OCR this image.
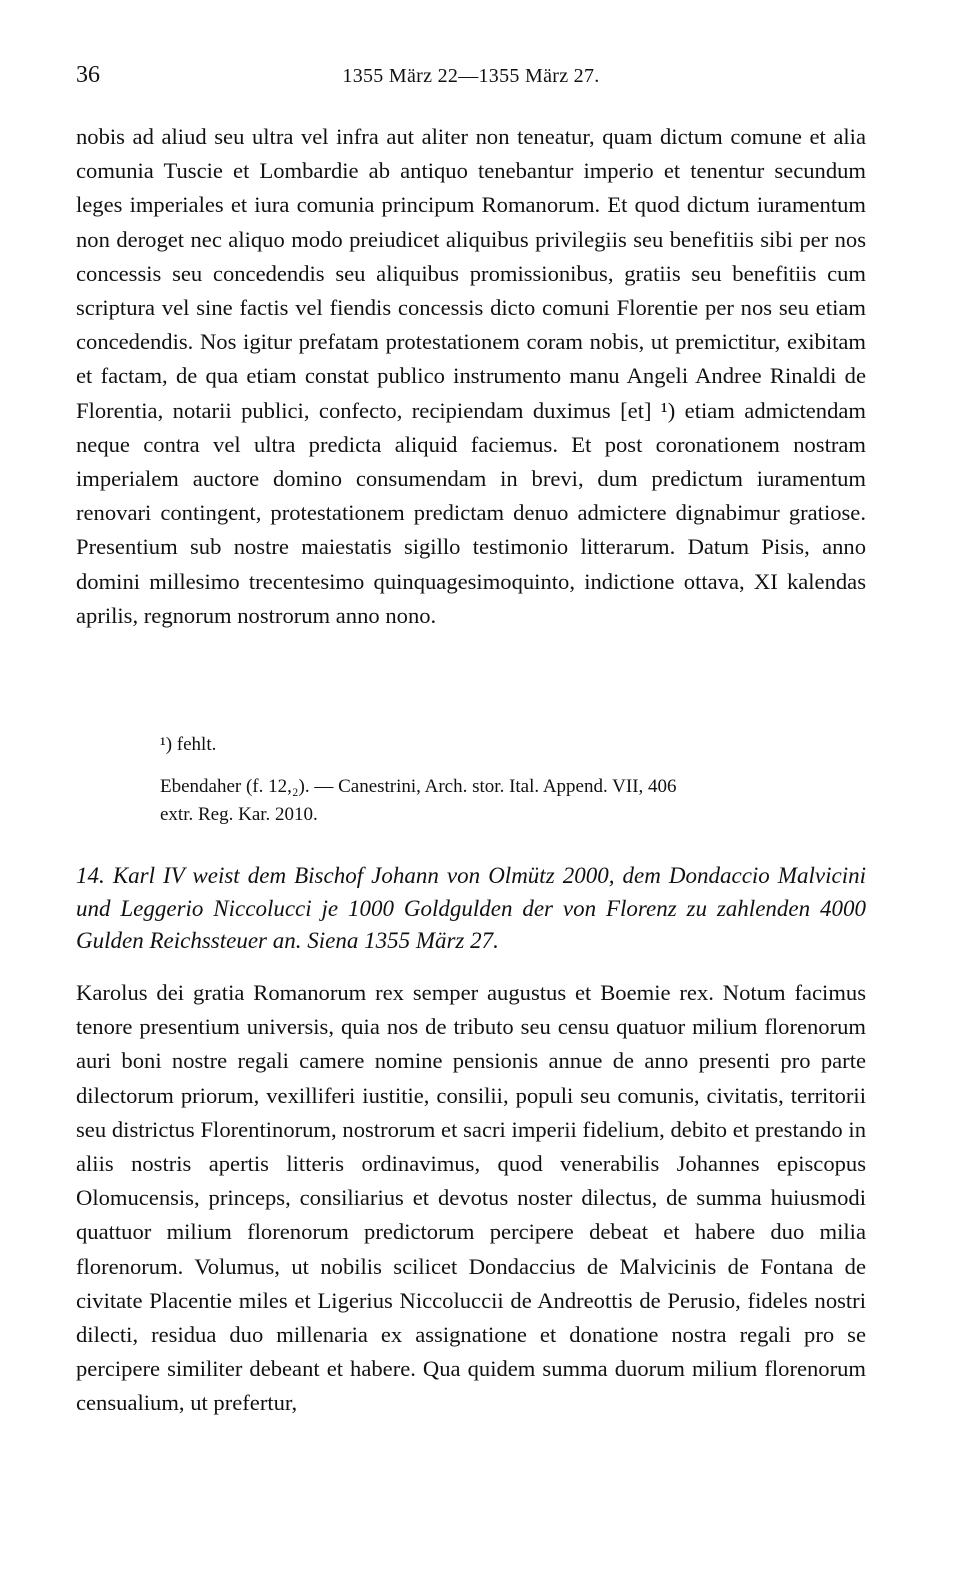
36	1355 März 22—1355 März 27.
nobis ad aliud seu ultra vel infra aut aliter non teneatur, quam dictum comune et alia comunia Tuscie et Lombardie ab antiquo tenebantur imperio et tenentur secundum leges imperiales et iura comunia principum Romanorum. Et quod dictum iuramentum non deroget nec aliquo modo preiudicet aliquibus privilegiis seu benefitiis sibi per nos concessis seu concedendis seu aliquibus promissionibus, gratiis seu benefitiis cum scriptura vel sine factis vel fiendis concessis dicto comuni Florentie per nos seu etiam concedendis. Nos igitur prefatam protestationem coram nobis, ut premictitur, exibitam et factam, de qua etiam constat publico instrumento manu Angeli Andree Rinaldi de Florentia, notarii publici, confecto, recipiendam duximus [et] ¹) etiam admictendam neque contra vel ultra predicta aliquid faciemus. Et post coronationem nostram imperialem auctore domino consumendam in brevi, dum predictum iuramentum renovari contingent, protestationem predictam denuo admictere dignabimur gratiose. Presentium sub nostre maiestatis sigillo testimonio litterarum. Datum Pisis, anno domini millesimo trecentesimo quinquagesimoquinto, indictione ottava, XI kalendas aprilis, regnorum nostrorum anno nono.
¹) fehlt.
Ebendaher (f. 12,₂). — Canestrini, Arch. stor. Ital. Append. VII, 406
extr. Reg. Kar. 2010.
14. Karl IV weist dem Bischof Johann von Olmütz 2000, dem Dondaccio Malvicini und Leggerio Niccolucci je 1000 Goldgulden der von Florenz zu zahlenden 4000 Gulden Reichssteuer an. Siena 1355 März 27.
Karolus dei gratia Romanorum rex semper augustus et Boemie rex. Notum facimus tenore presentium universis, quia nos de tributo seu censu quatuor milium florenorum auri boni nostre regali camere nomine pensionis annue de anno presenti pro parte dilectorum priorum, vexilliferi iustitie, consilii, populi seu comunis, civitatis, territorii seu districtus Florentinorum, nostrorum et sacri imperii fidelium, debito et prestando in aliis nostris apertis litteris ordinavimus, quod venerabilis Johannes episcopus Olomucensis, princeps, consiliarius et devotus noster dilectus, de summa huiusmodi quattuor milium florenorum predictorum percipere debeat et habere duo milia florenorum. Volumus, ut nobilis scilicet Dondaccius de Malvicinis de Fontana de civitate Placentie miles et Ligerius Niccoluccii de Andreottis de Perusio, fideles nostri dilecti, residua duo millenaria ex assignatione et donatione nostra regali pro se percipere similiter debeant et habere. Qua quidem summa duorum milium florenorum censualium, ut prefertur,
